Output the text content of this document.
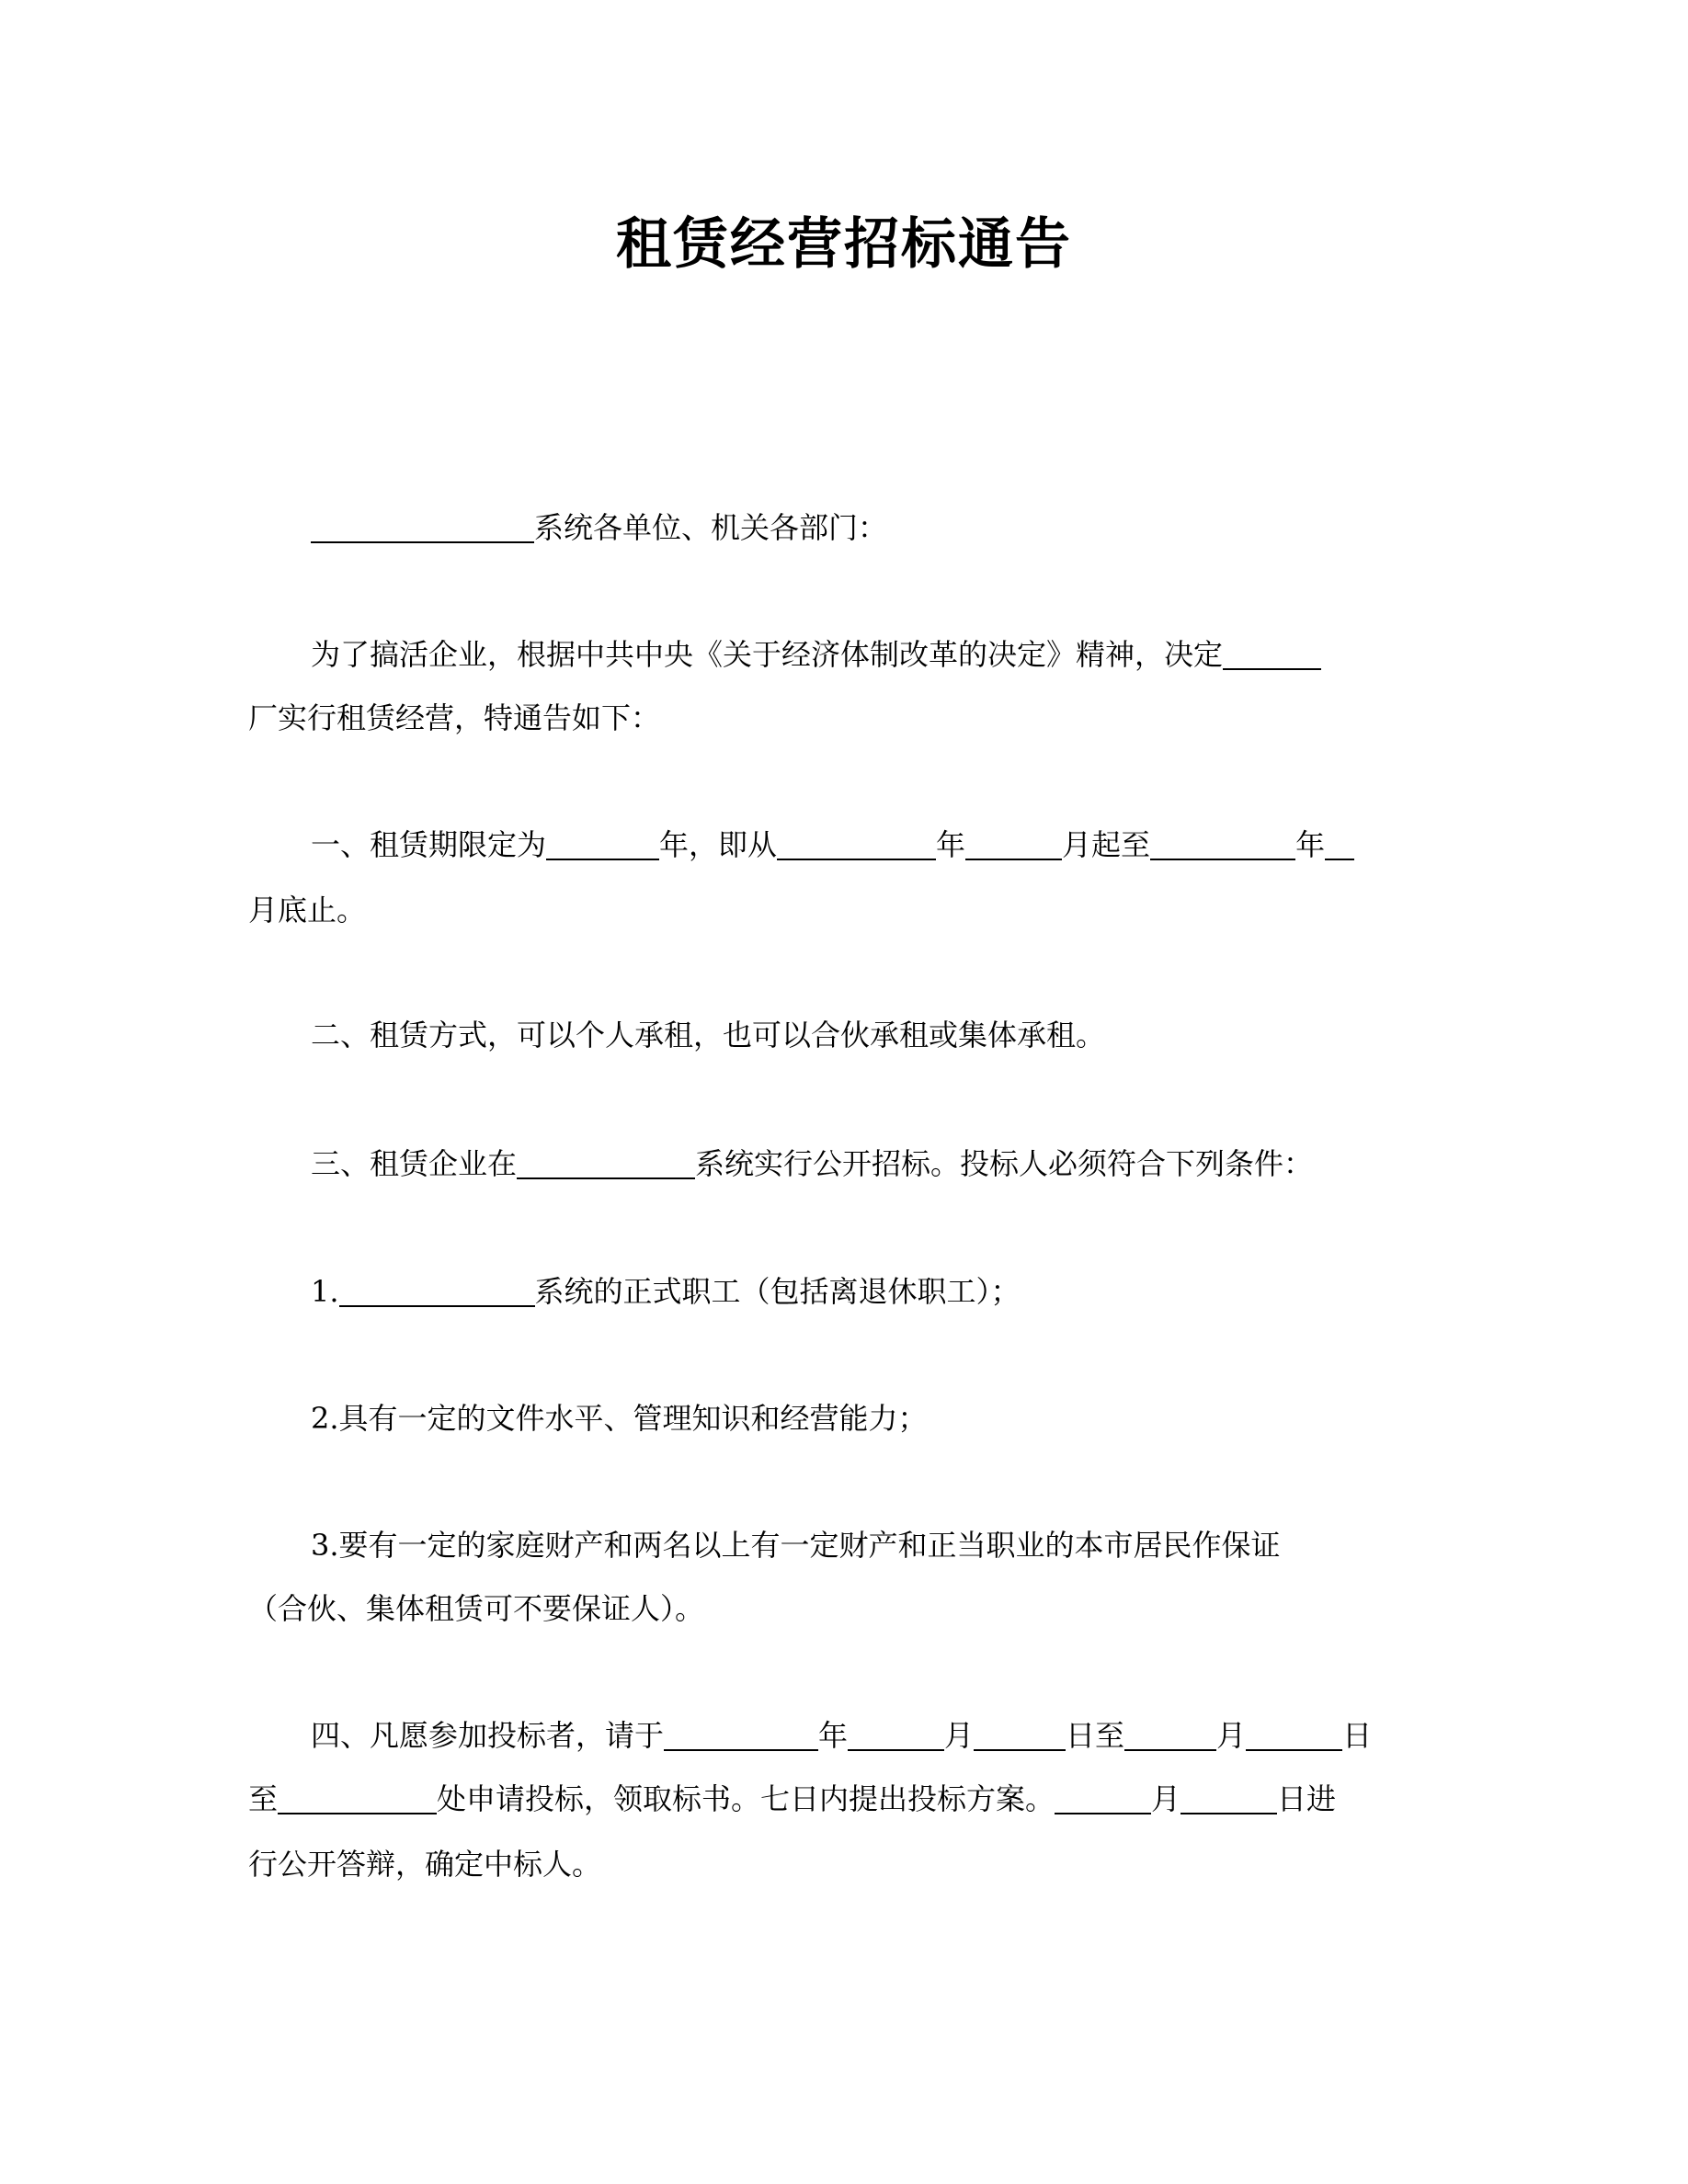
租赁经营招标通告
系统各单位、机关各部门：
为了搞活企业，根据中共中央《关于经济体制改革的决定》精神，决定
厂实行租赁经营，特通告如下：
一、租赁期限定为	年，即从	年	月起至	年
月底止。
二、租赁方式，可以个人承租，也可以合伙承租或集体承租。
三、租赁企业在	系统实行公开招标。投标人必须符合下列条件：
1.	系统的正式职工（包括离退休职工）；
2.具有一定的文件水平、管理知识和经营能力；
3.要有一定的家庭财产和两名以上有一定财产和正当职业的本市居民作保证
（合伙、集体租赁可不要保证人）。
四、凡愿参加投标者，请于	年	月	日至	月	日
至	处申请投标，领取标书。七日内提出投标方案。	月	日进
行公开答辩，确定中标人。
